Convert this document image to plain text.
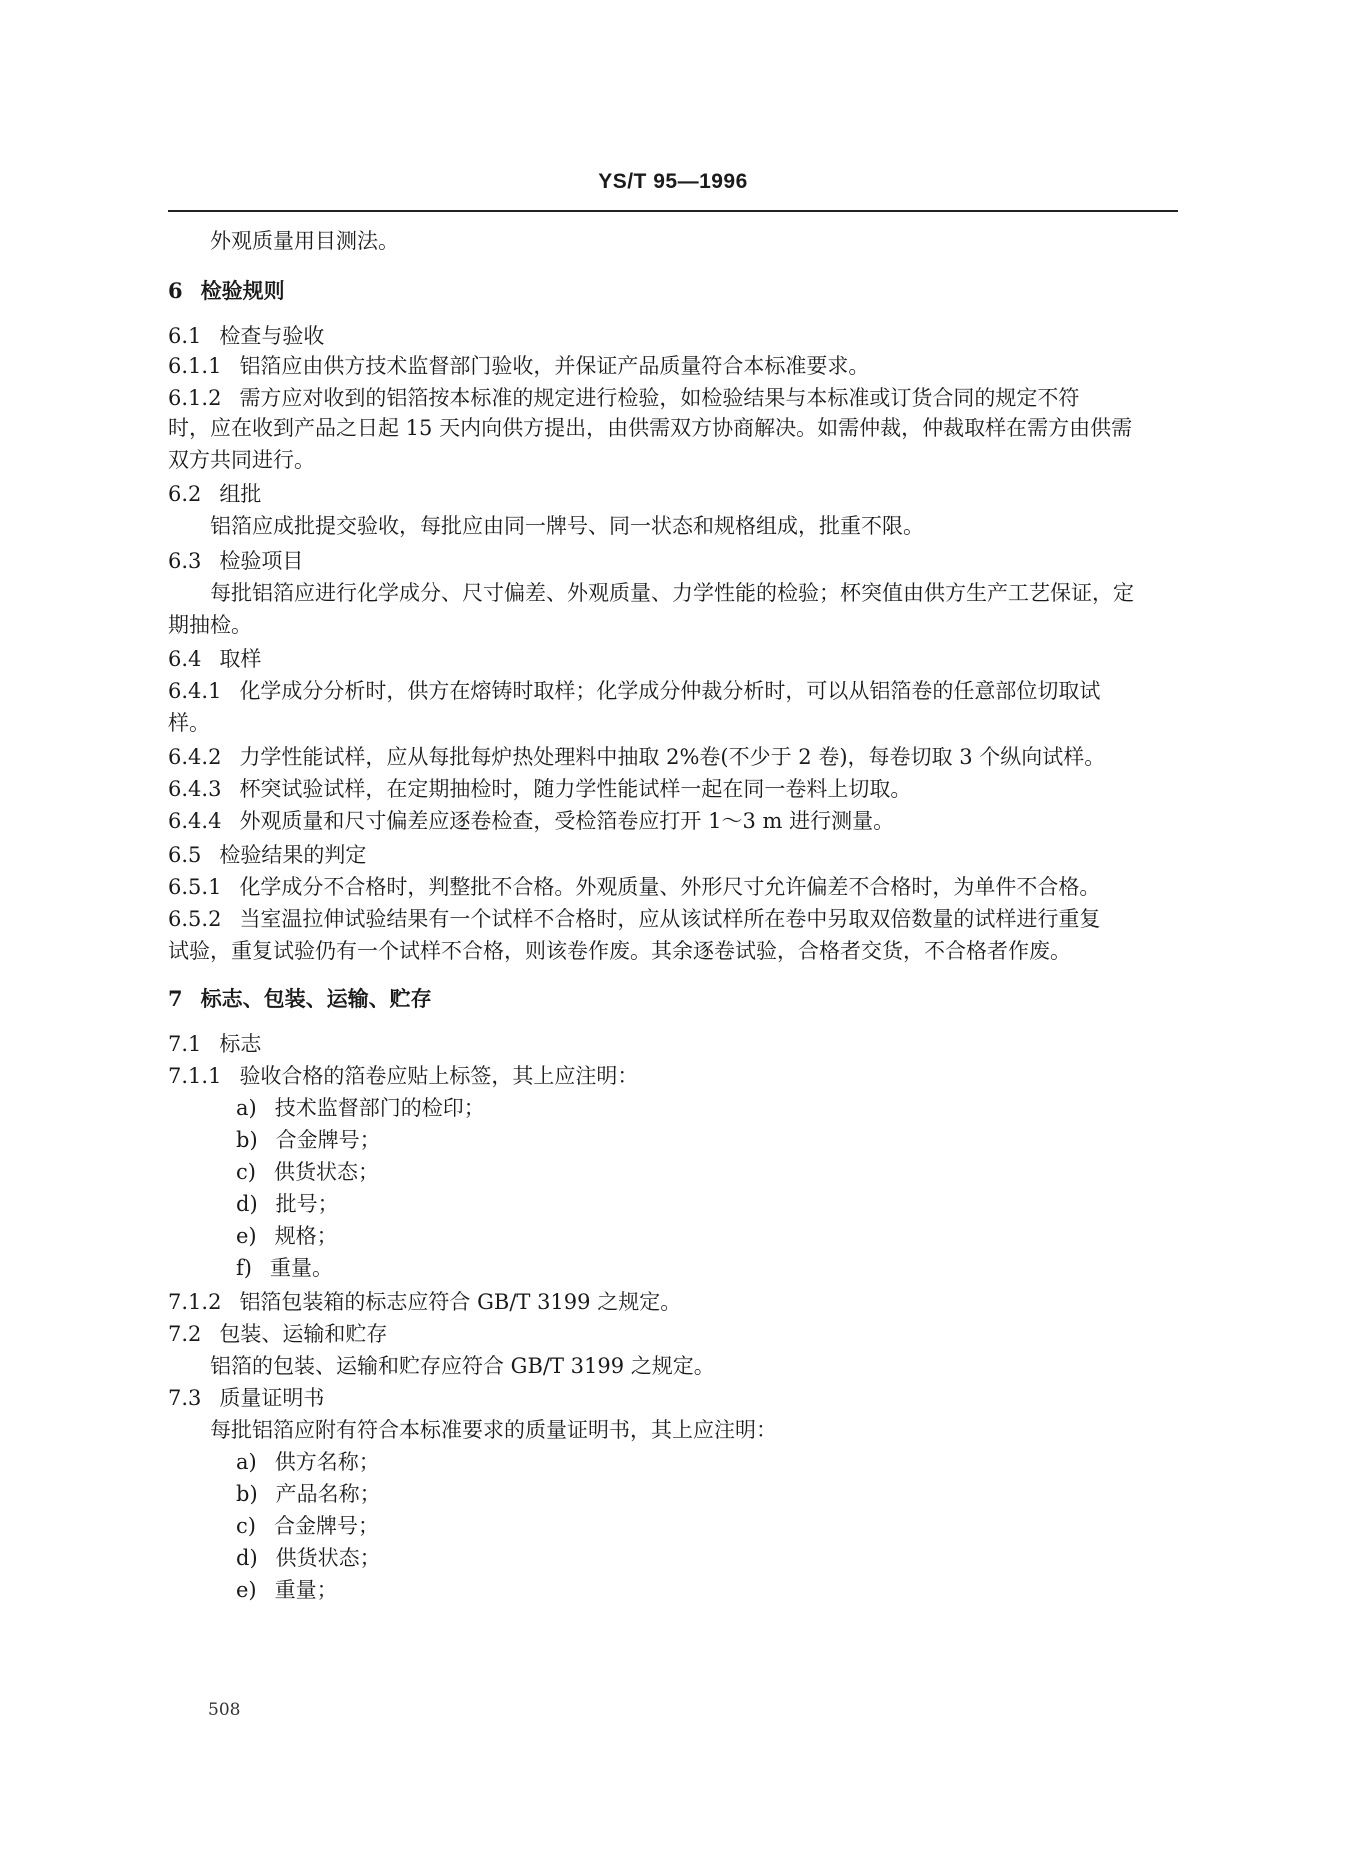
YS/T 95—1996
外观质量用目测法。
6 检验规则
6.1 检查与验收
6.1.1 铝箔应由供方技术监督部门验收，并保证产品质量符合本标准要求。
6.1.2 需方应对收到的铝箔按本标准的规定进行检验，如检验结果与本标准或订货合同的规定不符
时，应在收到产品之日起 15 天内向供方提出，由供需双方协商解决。如需仲裁，仲裁取样在需方由供需
双方共同进行。
6.2 组批
铝箔应成批提交验收，每批应由同一牌号、同一状态和规格组成，批重不限。
6.3 检验项目
每批铝箔应进行化学成分、尺寸偏差、外观质量、力学性能的检验；杯突值由供方生产工艺保证，定
期抽检。
6.4 取样
6.4.1 化学成分分析时，供方在熔铸时取样；化学成分仲裁分析时，可以从铝箔卷的任意部位切取试
样。
6.4.2 力学性能试样，应从每批每炉热处理料中抽取 2%卷(不少于 2 卷)，每卷切取 3 个纵向试样。
6.4.3 杯突试验试样，在定期抽检时，随力学性能试样一起在同一卷料上切取。
6.4.4 外观质量和尺寸偏差应逐卷检查，受检箔卷应打开 1～3 m 进行测量。
6.5 检验结果的判定
6.5.1 化学成分不合格时，判整批不合格。外观质量、外形尺寸允许偏差不合格时，为单件不合格。
6.5.2 当室温拉伸试验结果有一个试样不合格时，应从该试样所在卷中另取双倍数量的试样进行重复
试验，重复试验仍有一个试样不合格，则该卷作废。其余逐卷试验，合格者交货，不合格者作废。
7 标志、包装、运输、贮存
7.1 标志
7.1.1 验收合格的箔卷应贴上标签，其上应注明：
a) 技术监督部门的检印；
b) 合金牌号；
c) 供货状态；
d) 批号；
e) 规格；
f) 重量。
7.1.2 铝箔包装箱的标志应符合 GB/T 3199 之规定。
7.2 包装、运输和贮存
铝箔的包装、运输和贮存应符合 GB/T 3199 之规定。
7.3 质量证明书
每批铝箔应附有符合本标准要求的质量证明书，其上应注明：
a) 供方名称；
b) 产品名称；
c) 合金牌号；
d) 供货状态；
e) 重量；
508
